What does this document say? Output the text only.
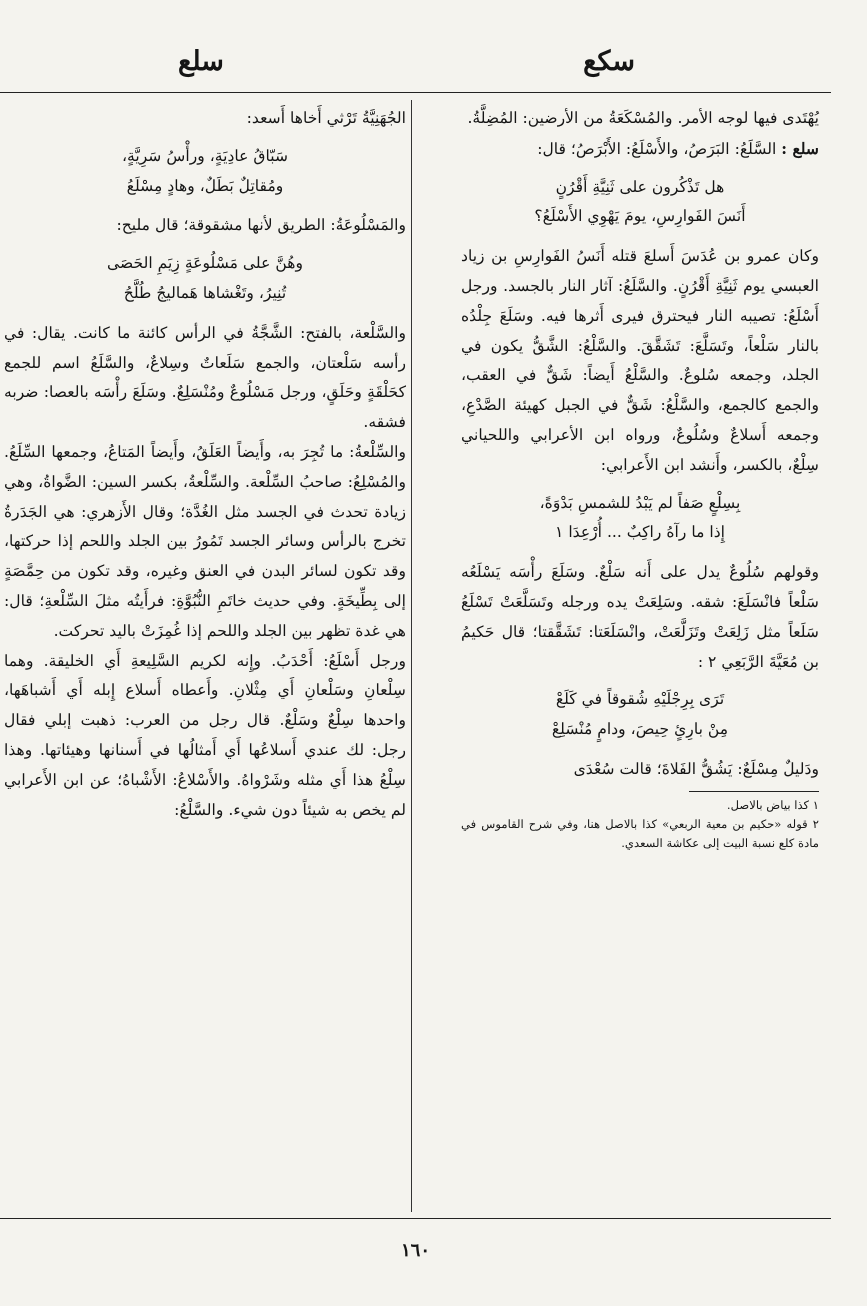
سكع
سلع

يُهْتَدى فيها لوجه الأمر. والمُسْكَعَةُ من الأرضين: المُضِلَّةُ.

سلع : السَّلَعُ: البَرَصُ، والأَسْلَعُ: الأَبْرَصُ؛ قال:

هل تَذْكُرون على ثَنِيَّةِ أَقْرُنٍ
أَنَسَ الفَوارِسِ، يومَ يَهْوِي الأَسْلَعُ؟

وكان عمرو بن عُدَسَ أَسلعَ قتله أَنَسُ الفَوارِسِ بن زياد العبسي يوم ثَنِيَّةِ أَقْرُنٍ. والسَّلَعُ: آثار النار بالجسد. ورجل أَسْلَعُ: تصيبه النار فيحترق فيرى أَثرها فيه. وسَلَعَ جِلْدُه بالنار سَلْعاً، وتَسَلَّعَ: تَشَقَّقَ. والسَّلْعُ: الشَّقُّ يكون في الجلد، وجمعه سُلوعٌ. والسَّلْعُ أَيضاً: شَقٌّ في العقب، والجمع كالجمع، والسَّلْعُ: شَقٌّ في الجبل كهيئة الصَّدْعِ، وجمعه أَسلاعٌ وسُلُوعٌ، ورواه ابن الأعرابي واللحياني سِلْعٌ، بالكسر، وأَنشد ابن الأَعرابي:

بِسِلْعٍ صَفاً لم يَبْدُ للشمسِ بَدْوَةً،
إِذا ما رآهُ راكِبٌ ... أُرْعِدَا ١

وقولهم سُلُوعٌ يدل على أَنه سَلْعٌ. وسَلَعَ رأْسَه يَسْلَعُه سَلْعاً فانْسَلَعَ: شقه. وسَلِعَتْ يده ورجله وتَسَلَّعَتْ تَسْلَعُ سَلَعاً مثل زَلِعَتْ وتَزَلَّعَتْ، وانْسَلَعَتا: تَشَقَّقتا؛ قال حَكيمُ بن مُعَيَّةَ الرَّبَعِي ٢ :

تَرَى بِرِجْلَيْهِ شُقوقاً في كَلَعْ
مِنْ بارِئٍ حِيصَ، ودامٍ مُنْسَلِعْ

ودَليلٌ مِسْلَعٌ: يَشُقُّ الفَلاةَ؛ قالت سُعْدَى

١ كذا بياض بالاصل.

٢ قوله «حكيم بن معية الربعي» كذا بالاصل هنا، وفي شرح القاموس في مادة كلع نسبة البيت إلى عكاشة السعدي.

الجُهَنِيَّةُ تَرْثي أَخاها أَسعد:

سَبّاقُ عادِيَةٍ، ورأْسُ سَرِيَّةٍ،
ومُقاتِلٌ بَطَلٌ، وهادٍ مِسْلَعُ

والمَسْلُوعَةُ: الطريق لأنها مشقوقة؛ قال مليح:

وهُنَّ على مَسْلُوعَةٍ زِيَمِ الحَصَى
تُنِيرُ، وتَغْشاها هَماليجُ طُلَّحُ

والسَّلْعة، بالفتح: الشَّجَّةُ في الرأس كائنة ما كانت. يقال: في رأسه سَلْعتان، والجمع سَلَعاتٌ وسِلاعٌ، والسَّلَعُ اسم للجمع كحَلْقَةٍ وحَلَقٍ، ورجل مَسْلُوعٌ ومُنْسَلِعٌ. وسَلَعَ رأْسَه بالعصا: ضربه فشقه.

والسِّلْعةُ: ما تُجِرَ به، وأَيضاً العَلَقُ، وأَيضاً المَتاعُ، وجمعها السِّلَعُ. والمُسْلِعُ: صاحبُ السِّلْعة. والسِّلْعةُ، بكسر السين: الضَّواةُ، وهي زيادة تحدث في الجسد مثل الغُدَّة؛ وقال الأَزهري: هي الجَدَرةُ تخرج بالرأس وسائر الجسد تَمُورُ بين الجلد واللحم إذا حركتها، وقد تكون لسائر البدن في العنق وغيره، وقد تكون من حِمَّصَةٍ إلى بِطِّيخَةٍ. وفي حديث خاتَمِ النُّبُوَّةِ: فرأَيتُه مثلَ السِّلْعةِ؛ قال: هي غدة تظهر بين الجلد واللحم إذا غُمِزَتْ باليد تحركت.

ورجل أَسْلَعُ: أَحْدَبُ. وإِنه لكريم السَّلِيعةِ أَي الخليقة. وهما سِلْعانِ وسَلْعانِ أَي مِثْلانِ. وأَعطاه أَسلاع إِبله أَي أَشباهَها، واحدها سِلْعٌ وسَلْعٌ. قال رجل من العرب: ذهبت إبلي فقال رجل: لك عندي أَسلاعُها أَي أَمثالُها في أَسنانها وهيئاتها. وهذا سِلْعُ هذا أَي مثله وشَرْواهُ. والأَسْلاعُ: الأَشْباهُ؛ عن ابن الأَعرابي لم يخص به شيئاً دون شيء. والسَّلْعُ:

١٦٠
